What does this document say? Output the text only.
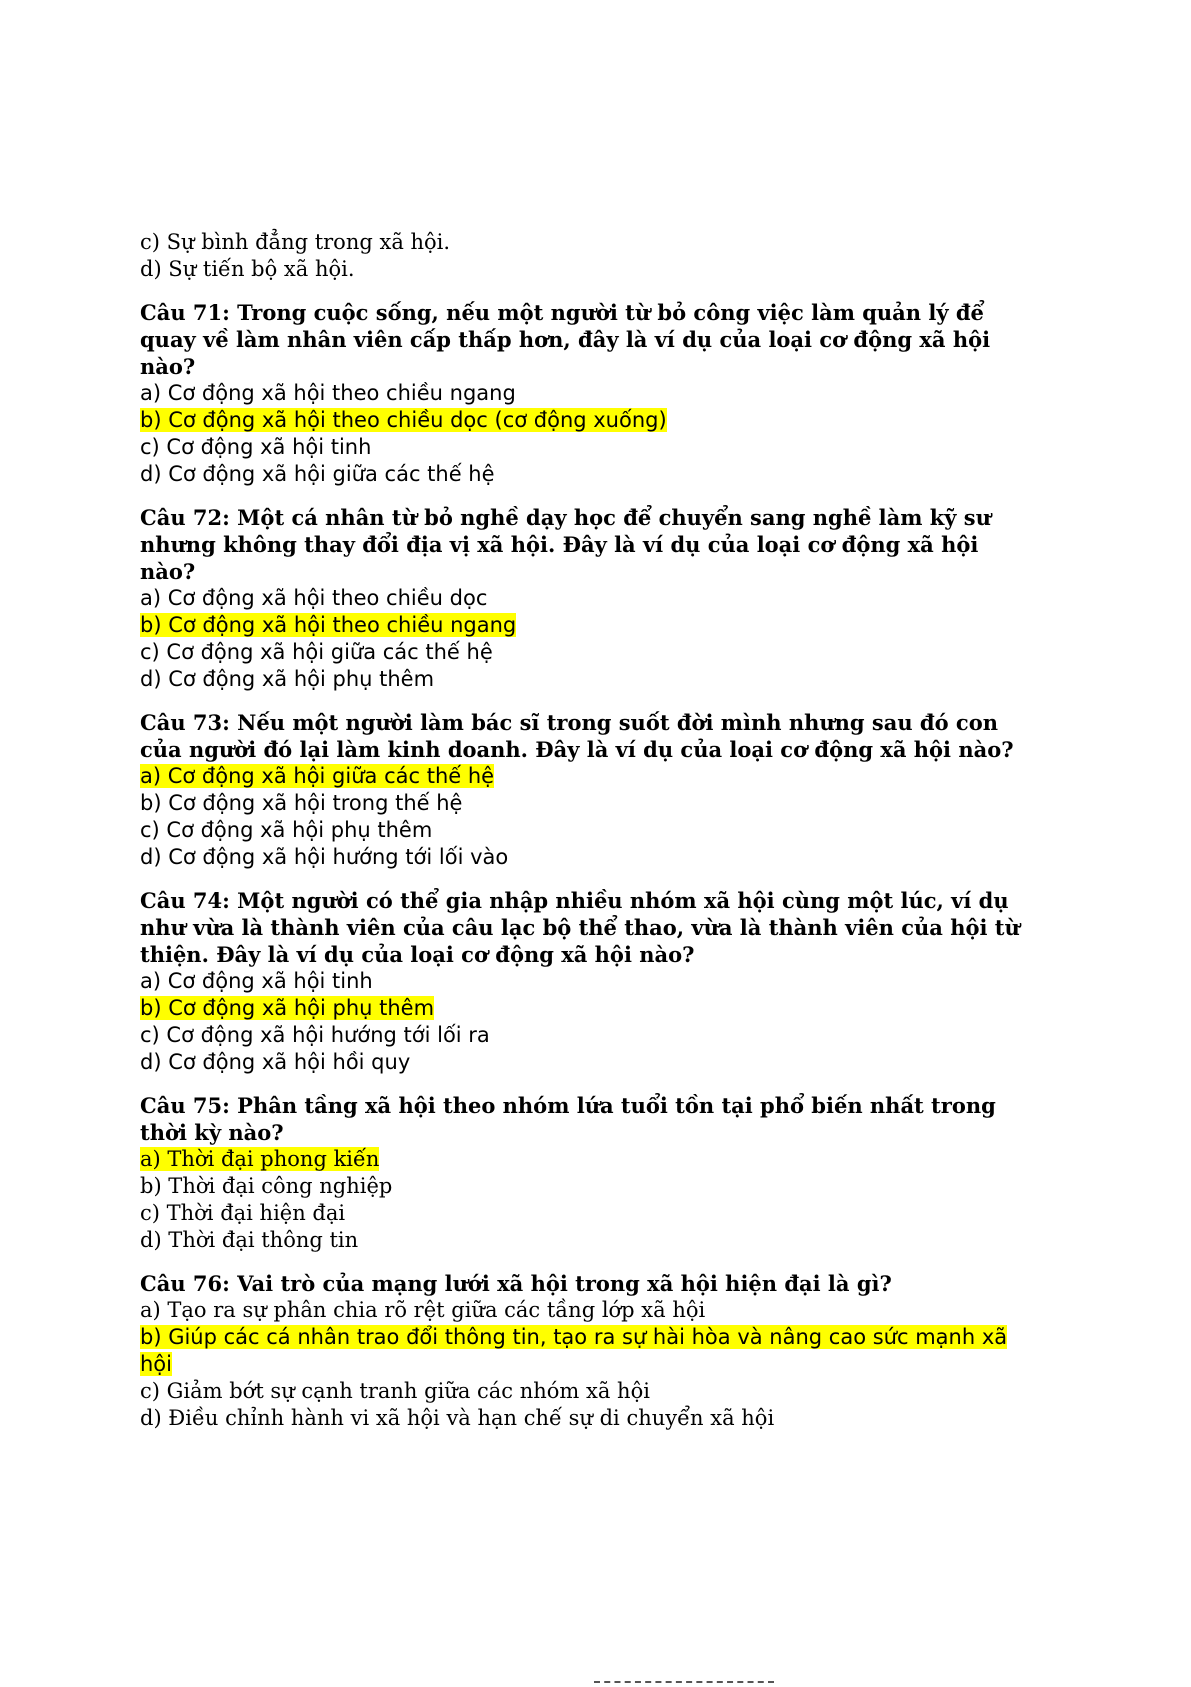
c) Sự bình đẳng trong xã hội.
d) Sự tiến bộ xã hội.
Câu 71: Trong cuộc sống, nếu một người từ bỏ công việc làm quản lý để
quay về làm nhân viên cấp thấp hơn, đây là ví dụ của loại cơ động xã hội
nào?
a) Cơ động xã hội theo chiều ngang
b) Cơ động xã hội theo chiều dọc (cơ động xuống)
c) Cơ động xã hội tinh
d) Cơ động xã hội giữa các thế hệ
Câu 72: Một cá nhân từ bỏ nghề dạy học để chuyển sang nghề làm kỹ sư
nhưng không thay đổi địa vị xã hội. Đây là ví dụ của loại cơ động xã hội
nào?
a) Cơ động xã hội theo chiều dọc
b) Cơ động xã hội theo chiều ngang
c) Cơ động xã hội giữa các thế hệ
d) Cơ động xã hội phụ thêm
Câu 73: Nếu một người làm bác sĩ trong suốt đời mình nhưng sau đó con
của người đó lại làm kinh doanh. Đây là ví dụ của loại cơ động xã hội nào?
a) Cơ động xã hội giữa các thế hệ
b) Cơ động xã hội trong thế hệ
c) Cơ động xã hội phụ thêm
d) Cơ động xã hội hướng tới lối vào
Câu 74: Một người có thể gia nhập nhiều nhóm xã hội cùng một lúc, ví dụ
như vừa là thành viên của câu lạc bộ thể thao, vừa là thành viên của hội từ
thiện. Đây là ví dụ của loại cơ động xã hội nào?
a) Cơ động xã hội tinh
b) Cơ động xã hội phụ thêm
c) Cơ động xã hội hướng tới lối ra
d) Cơ động xã hội hồi quy
Câu 75: Phân tầng xã hội theo nhóm lứa tuổi tồn tại phổ biến nhất trong
thời kỳ nào?
a) Thời đại phong kiến
b) Thời đại công nghiệp
c) Thời đại hiện đại
d) Thời đại thông tin
Câu 76: Vai trò của mạng lưới xã hội trong xã hội hiện đại là gì?
a) Tạo ra sự phân chia rõ rệt giữa các tầng lớp xã hội
b) Giúp các cá nhân trao đổi thông tin, tạo ra sự hài hòa và nâng cao sức mạnh xã
hội
c) Giảm bớt sự cạnh tranh giữa các nhóm xã hội
d) Điều chỉnh hành vi xã hội và hạn chế sự di chuyển xã hội
